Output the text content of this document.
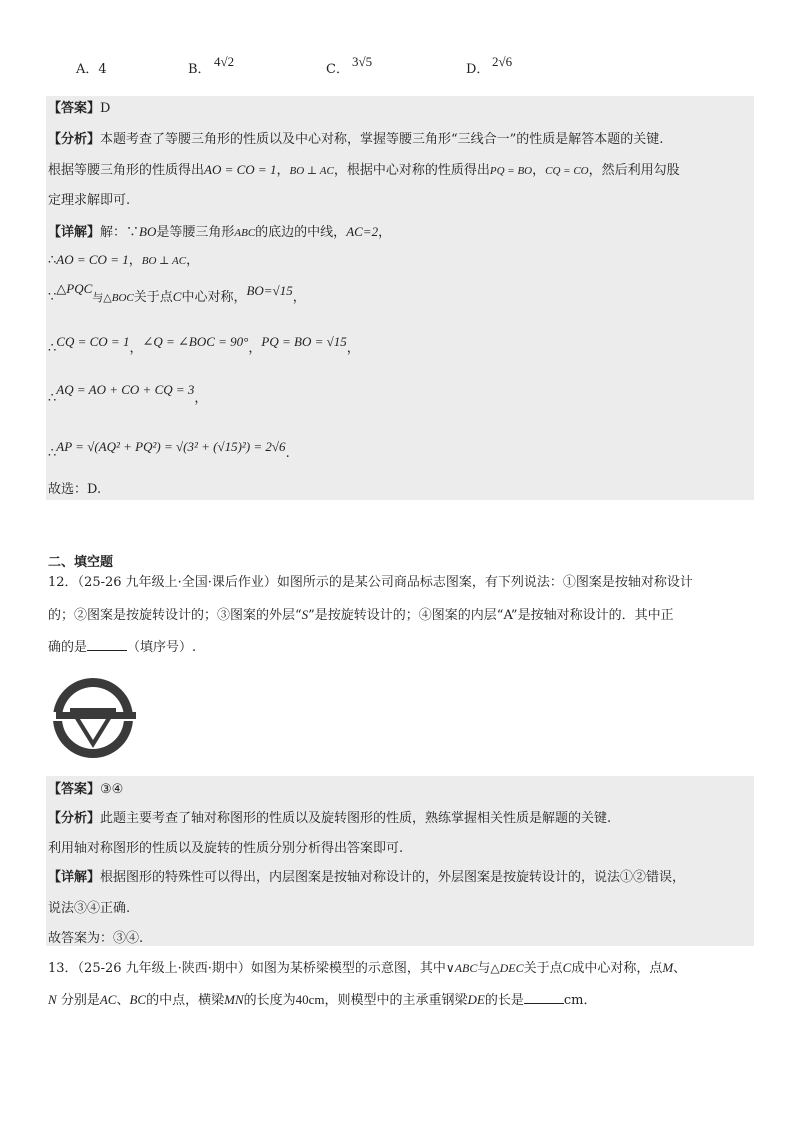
A．4	B．
4√2
C．
3√5
D．
2√6
【答案】D
【分析】本题考查了等腰三角形的性质以及中心对称，掌握等腰三角形“三线合一”的性质是解答本题的关键.
根据等腰三角形的性质得出AO = CO = 1，BO ⊥ AC，根据中心对称的性质得出PQ = BO，CQ = CO，然后利用勾股
定理求解即可.
【详解】解：∵BO是等腰三角形ABC的底边的中线，AC=2，
∴AO = CO = 1，BO ⊥ AC，
∵△PQC与△BOC关于点C中心对称，BO=√15，
∴CQ = CO = 1，∠Q = ∠BOC = 90°，PQ = BO = √15，
∴AQ = AO + CO + CQ = 3，
∴AP = √(AQ² + PQ²) = √(3² + (√15)²) = 2√6.
故选：D.
二、填空题
12．（25-26 九年级上·全国·课后作业）如图所示的是某公司商品标志图案，有下列说法：①图案是按轴对称设计
的；②图案是按旋转设计的；③图案的外层“S”是按旋转设计的；④图案的内层“A”是按轴对称设计的．其中正
确的是	（填序号）.
【答案】③④
【分析】此题主要考查了轴对称图形的性质以及旋转图形的性质，熟练掌握相关性质是解题的关键.
利用轴对称图形的性质以及旋转的性质分别分析得出答案即可.
【详解】根据图形的特殊性可以得出，内层图案是按轴对称设计的，外层图案是按旋转设计的，说法①②错误，
说法③④正确.
故答案为：③④.
13．（25-26 九年级上·陕西·期中）如图为某桥梁模型的示意图，其中∨ABC与△DEC关于点C成中心对称，点M、
N 分别是AC、BC的中点，横梁MN的长度为40cm，则模型中的主承重钢梁DE的长是	cm．
